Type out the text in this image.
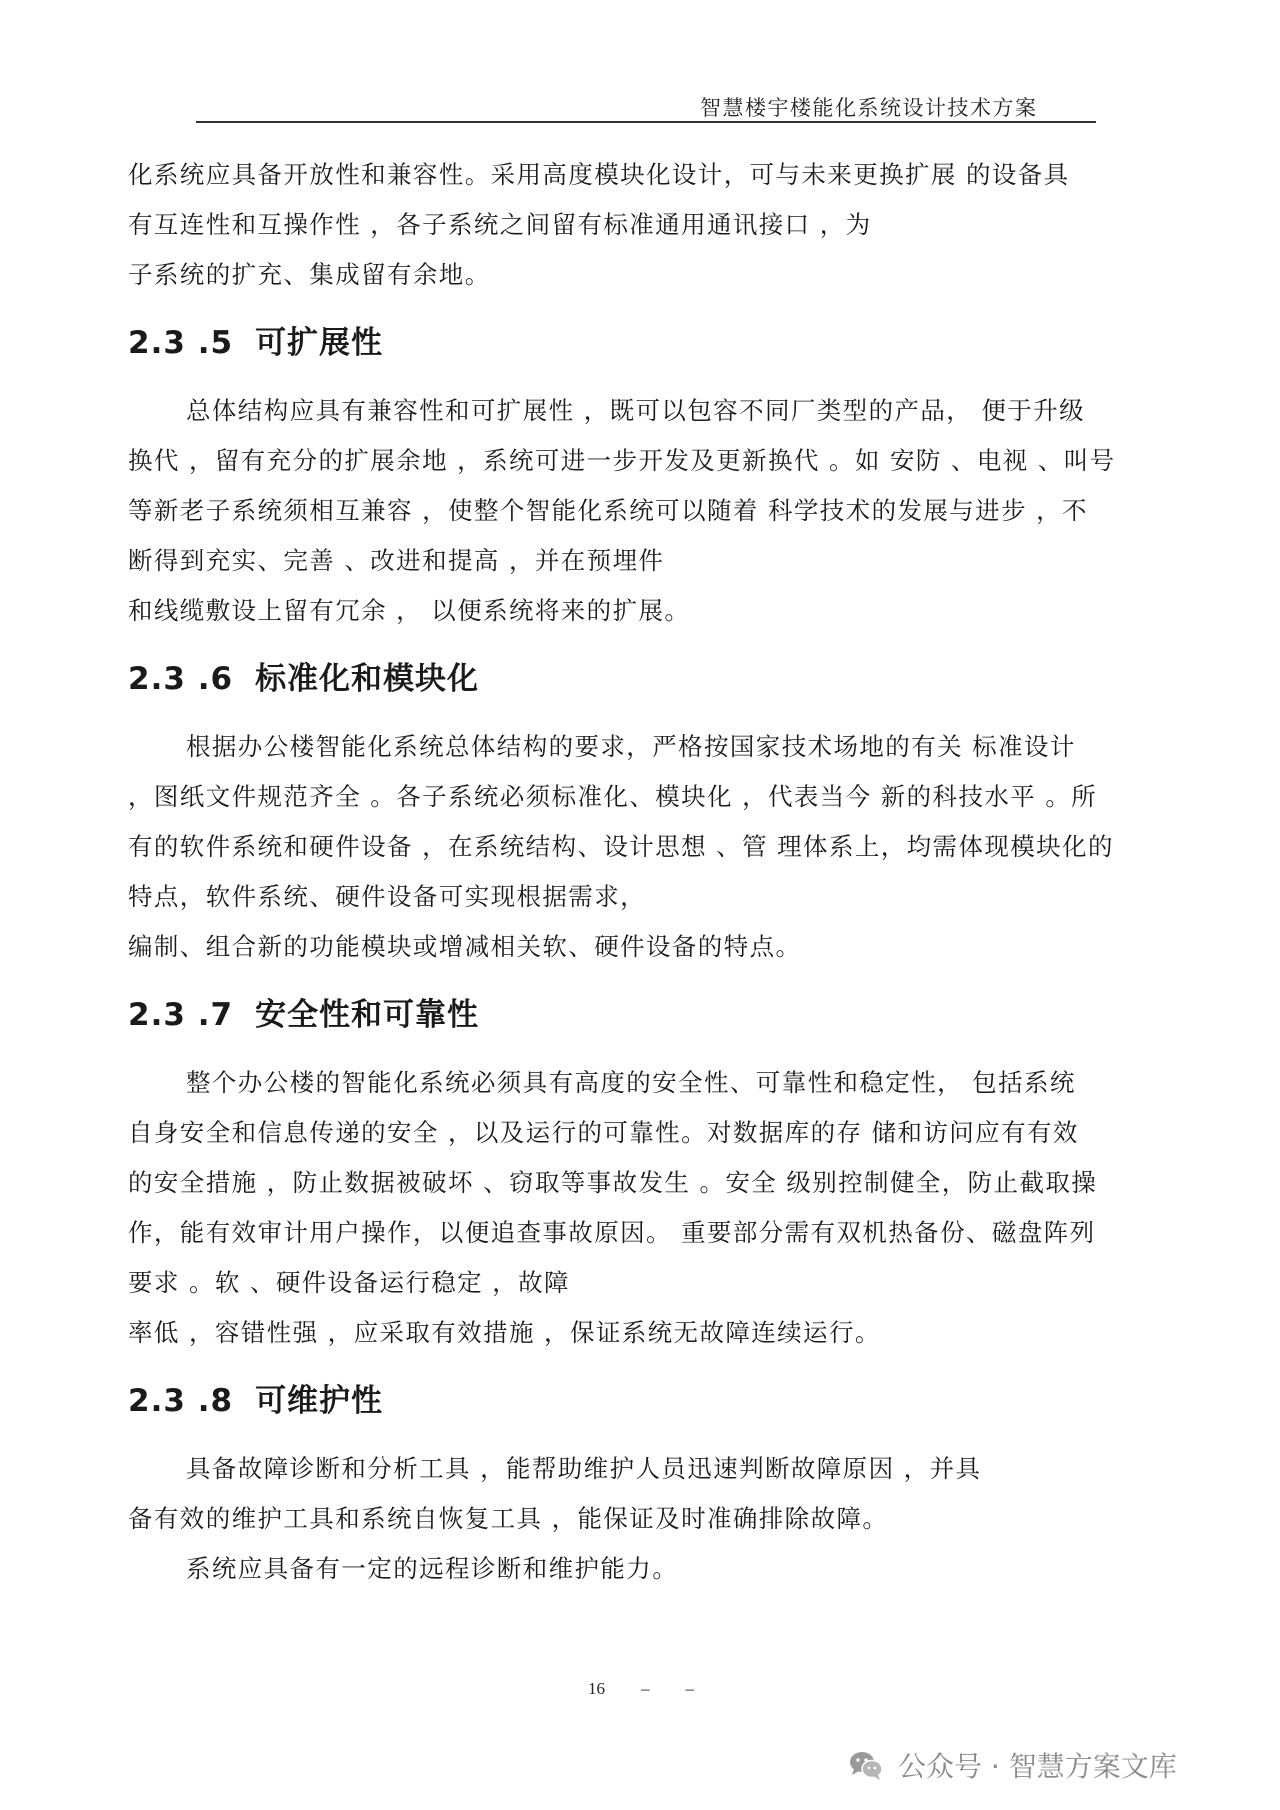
智慧楼宇楼能化系统设计技术方案

化系统应具备开放性和兼容性。采用高度模块化设计，可与未来更换扩展 的设备具
有互连性和互操作性 ，各子系统之间留有标准通用通讯接口 ，为
子系统的扩充、集成留有余地。

2.3 .5 可扩展性

总体结构应具有兼容性和可扩展性 ，既可以包容不同厂类型的产品， 便于升级
换代 ，留有充分的扩展余地 ，系统可进一步开发及更新换代 。如 安防 、电视 、叫号
等新老子系统须相互兼容 ，使整个智能化系统可以随着 科学技术的发展与进步 ，不
断得到充实、完善 、改进和提高 ，并在预埋件
和线缆敷设上留有冗余 ， 以便系统将来的扩展。

2.3 .6 标准化和模块化

根据办公楼智能化系统总体结构的要求，严格按国家技术场地的有关 标准设计
，图纸文件规范齐全 。各子系统必须标准化、模块化 ，代表当今 新的科技水平 。所
有的软件系统和硬件设备 ，在系统结构、设计思想 、管 理体系上，均需体现模块化的
特点，软件系统、硬件设备可实现根据需求，
编制、组合新的功能模块或增减相关软、硬件设备的特点。

2.3 .7 安全性和可靠性

整个办公楼的智能化系统必须具有高度的安全性、可靠性和稳定性， 包括系统
自身安全和信息传递的安全 ，以及运行的可靠性。对数据库的存 储和访问应有有效
的安全措施 ，防止数据被破坏 、窃取等事故发生 。安全 级别控制健全，防止截取操
作，能有效审计用户操作，以便追查事故原因。 重要部分需有双机热备份、磁盘阵列
要求 。软 、硬件设备运行稳定 ，故障
率低 ，容错性强 ，应采取有效措施 ，保证系统无故障连续运行。

2.3 .8 可维护性

具备故障诊断和分析工具 ，能帮助维护人员迅速判断故障原因 ，并具
备有效的维护工具和系统自恢复工具 ，能保证及时准确排除故障。

系统应具备有一定的远程诊断和维护能力。

16 – –
公众号 · 智慧方案文库
